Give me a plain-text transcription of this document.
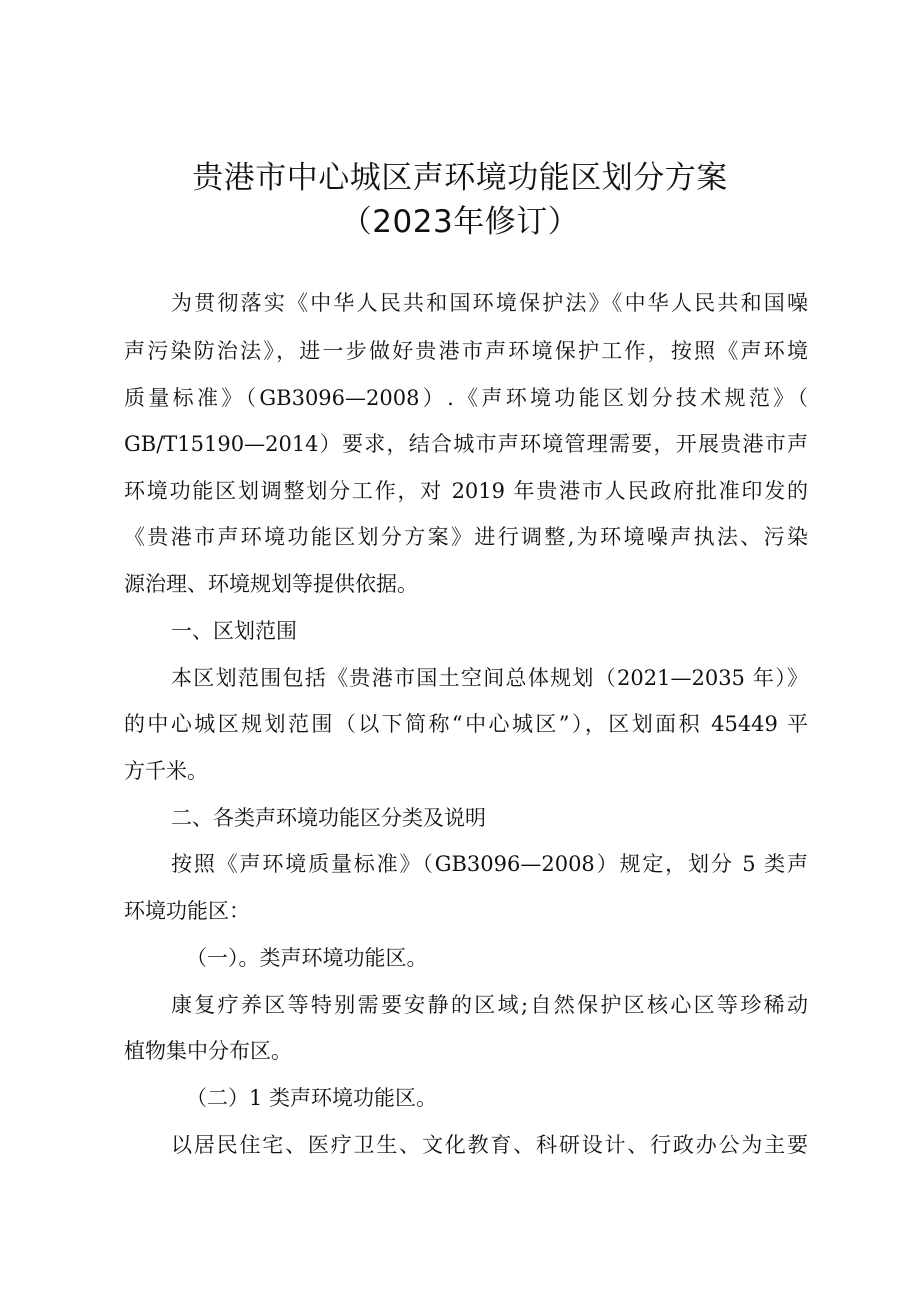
贵港市中心城区声环境功能区划分方案
（2023年修订）
为贯彻落实《中华人民共和国环境保护法》《中华人民共和国噪
声污染防治法》，进一步做好贵港市声环境保护工作，按照《声环境
质量标准》（GB3096—2008）.《声环境功能区划分技术规范》（
GB/T15190—2014）要求，结合城市声环境管理需要，开展贵港市声
环境功能区划调整划分工作，对 2019 年贵港市人民政府批准印发的
《贵港市声环境功能区划分方案》进行调整,为环境噪声执法、污染
源治理、环境规划等提供依据。
一、区划范围
本区划范围包括《贵港市国土空间总体规划（2021—2035 年）》
的中心城区规划范围（以下简称“中心城区”），区划面积 45449 平
方千米。
二、各类声环境功能区分类及说明
按照《声环境质量标准》（GB3096—2008）规定，划分 5 类声
环境功能区：
（一）。类声环境功能区。
康复疗养区等特别需要安静的区域;自然保护区核心区等珍稀动
植物集中分布区。
（二）1 类声环境功能区。
以居民住宅、医疗卫生、文化教育、科研设计、行政办公为主要
